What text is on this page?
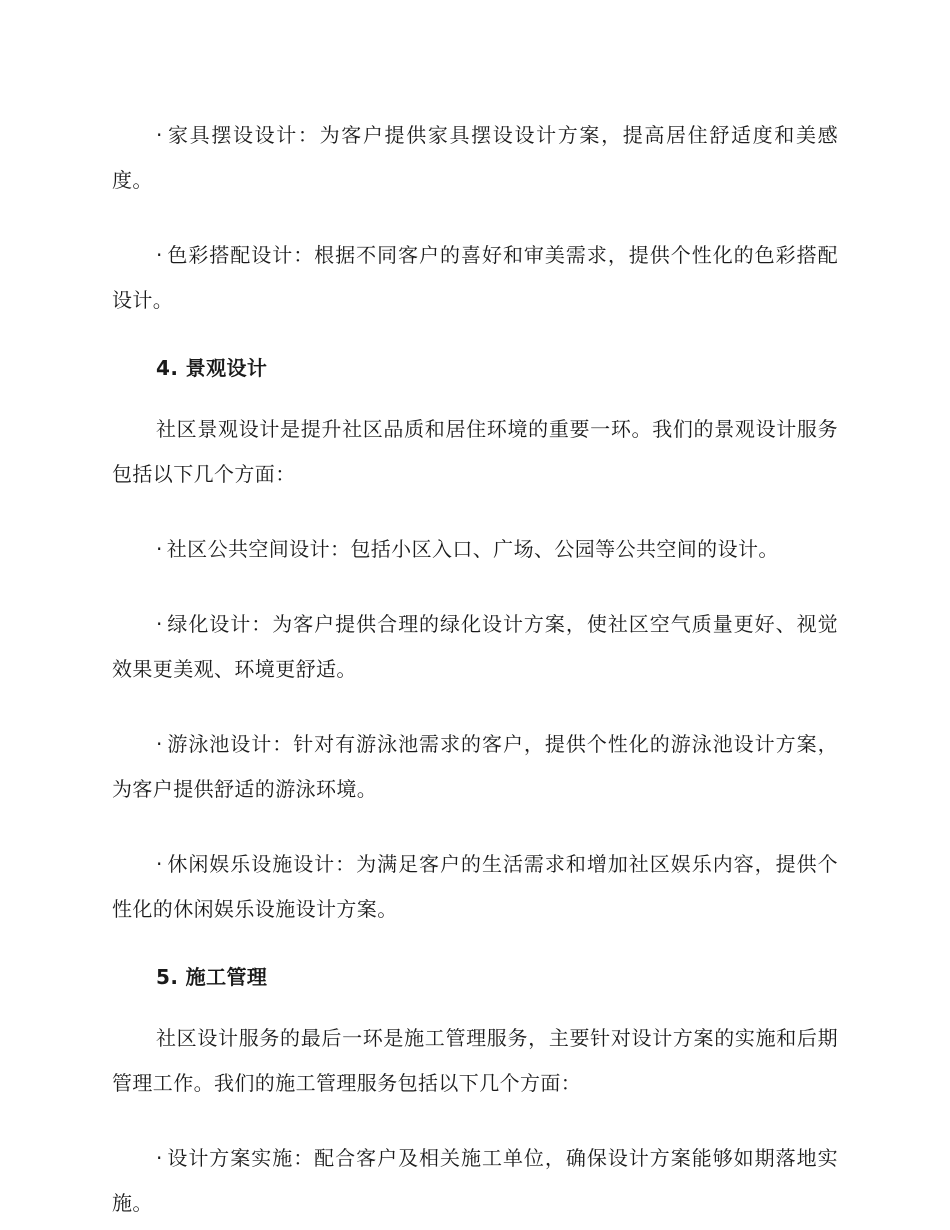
· 家具摆设设计：为客户提供家具摆设设计方案，提高居住舒适度和美感度。

· 色彩搭配设计：根据不同客户的喜好和审美需求，提供个性化的色彩搭配设计。

4. 景观设计

社区景观设计是提升社区品质和居住环境的重要一环。我们的景观设计服务包括以下几个方面：

· 社区公共空间设计：包括小区入口、广场、公园等公共空间的设计。

· 绿化设计：为客户提供合理的绿化设计方案，使社区空气质量更好、视觉效果更美观、环境更舒适。

· 游泳池设计：针对有游泳池需求的客户，提供个性化的游泳池设计方案，为客户提供舒适的游泳环境。

· 休闲娱乐设施设计：为满足客户的生活需求和增加社区娱乐内容，提供个性化的休闲娱乐设施设计方案。

5. 施工管理

社区设计服务的最后一环是施工管理服务，主要针对设计方案的实施和后期管理工作。我们的施工管理服务包括以下几个方面：

· 设计方案实施：配合客户及相关施工单位，确保设计方案能够如期落地实施。
